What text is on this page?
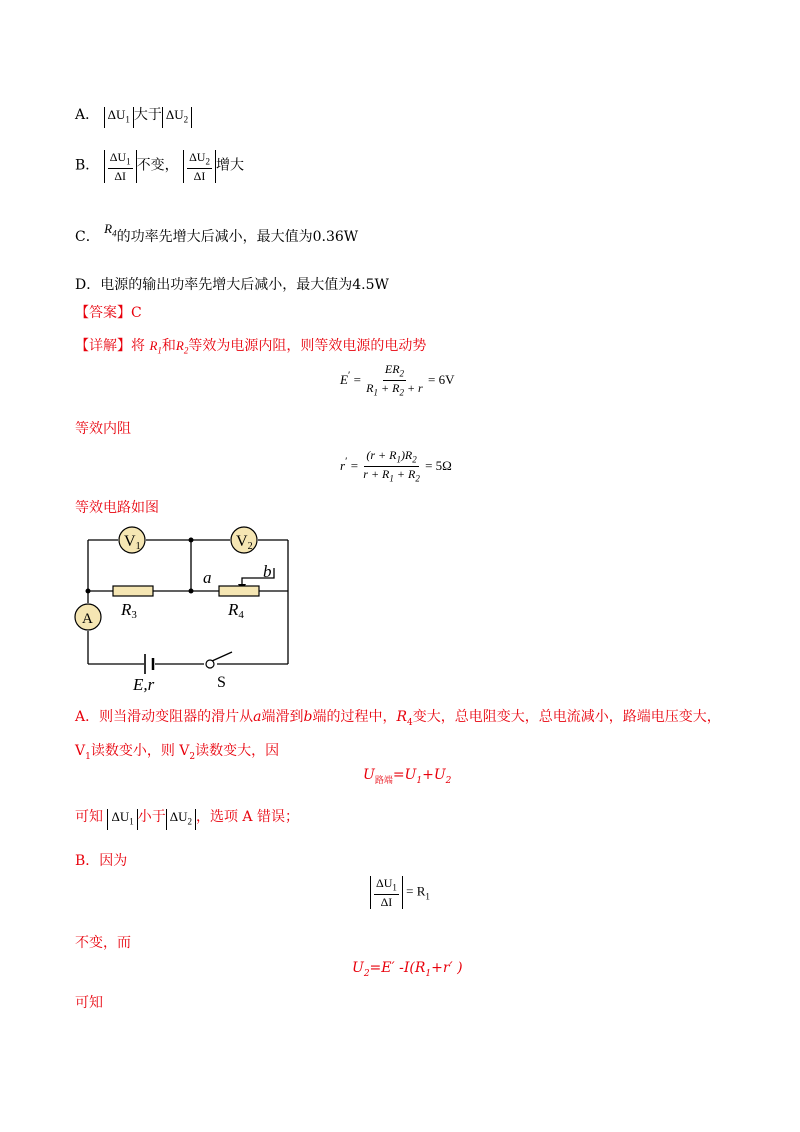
A． $\Delta U_1$ 大于 $\Delta U_2$
B． $\frac{\Delta U_1}{\Delta I}$ 不变， $\frac{\Delta U_2}{\Delta I}$ 增大
C． $R_4$的功率先增大后减小，最大值为0.36W
D．电源的输出功率先增大后减小，最大值为4.5W
【答案】C
【详解】将 $R_1$和$R_2$等效为电源内阻，则等效电源的电动势
$E' = \frac{ER_2}{R_1 + R_2 + r} = 6V$
等效内阻
$r' = \frac{(r + R_1)R_2}{r + R_1 + R_2} = 5\Omega$
等效电路如图
V1	V2
A R3	R4
a	b
E,r	S
A．则当滑动变阻器的滑片从a端滑到b端的过程中，$R_4$变大，总电阻变大，总电流减小，路端电压变大，
$V_1$读数变小，则 $V_2$读数变大，因
$U_{路端}=U_1+U_2$
可知 $\Delta U_1$ 小于 $\Delta U_2$ ，选项 A 错误；
B．因为
$\frac{\Delta U_1}{\Delta I} = R_1$
不变，而
$U_2=E'$ $-I(R_1+r'$ )
可知
